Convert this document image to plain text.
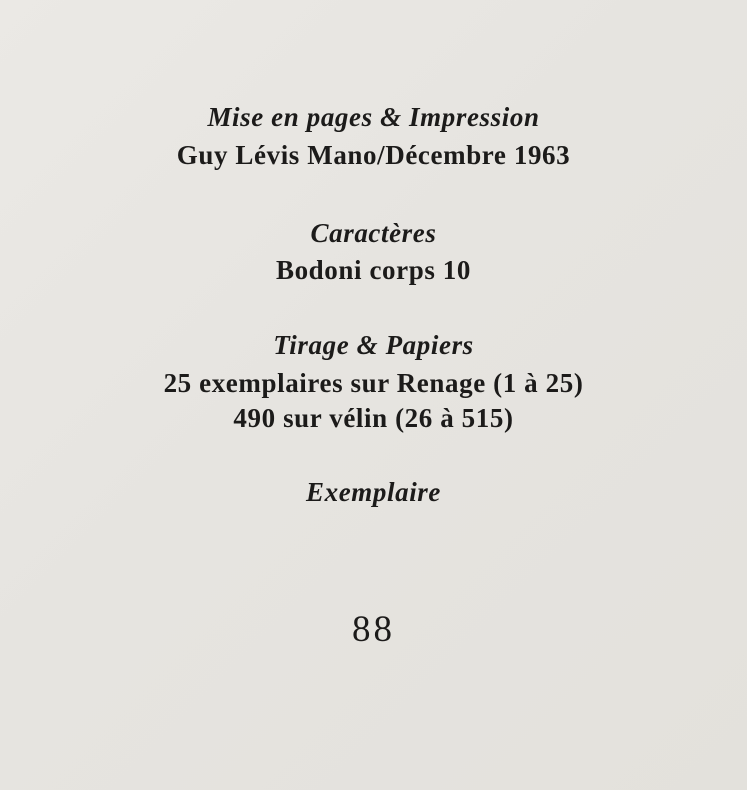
Mise en pages & Impression

Guy Lévis Mano/Décembre 1963

Caractères

Bodoni corps 10

Tirage & Papiers

25 exemplaires sur Renage (1 à 25)

490 sur vélin (26 à 515)

Exemplaire

88
